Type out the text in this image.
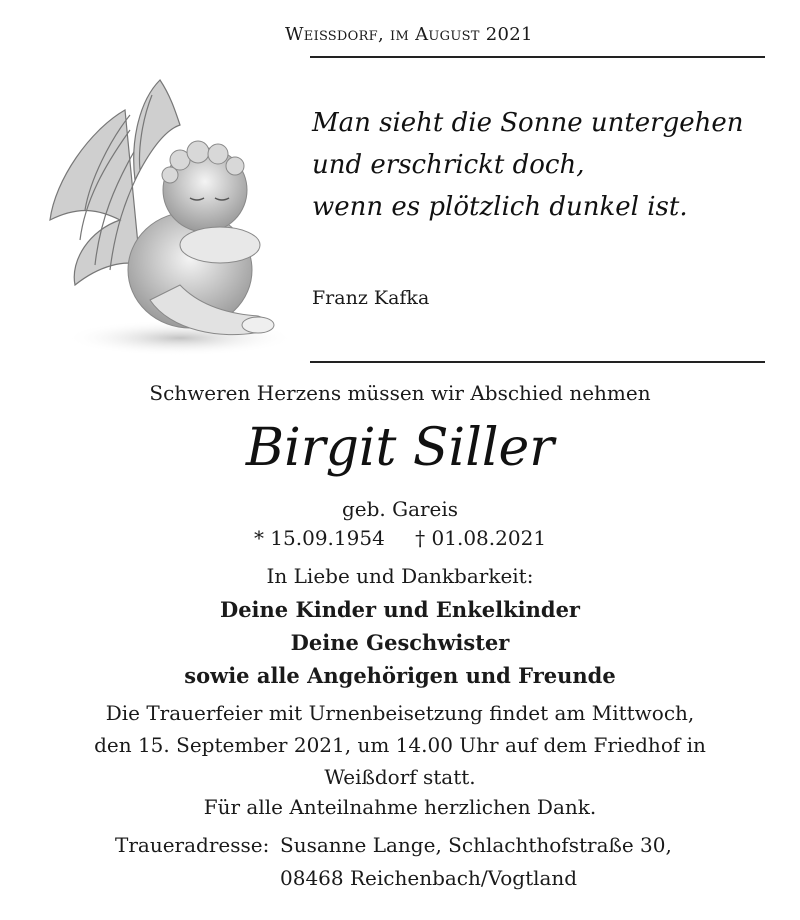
Weißdorf, im August 2021
Man sieht die Sonne untergehen
und erschrickt doch,
wenn es plötzlich dunkel ist.
Franz Kafka
Schweren Herzens müssen wir Abschied nehmen
Birgit Siller
geb. Gareis
* 15.09.1954 † 01.08.2021
In Liebe und Dankbarkeit:
Deine Kinder und Enkelkinder
Deine Geschwister
sowie alle Angehörigen und Freunde
Die Trauerfeier mit Urnenbeisetzung findet am Mittwoch,
den 15. September 2021, um 14.00 Uhr auf dem Friedhof in
Weißdorf statt.
Für alle Anteilnahme herzlichen Dank.
Traueradresse: Susanne Lange, Schlachthofstraße 30,
08468 Reichenbach/Vogtland
